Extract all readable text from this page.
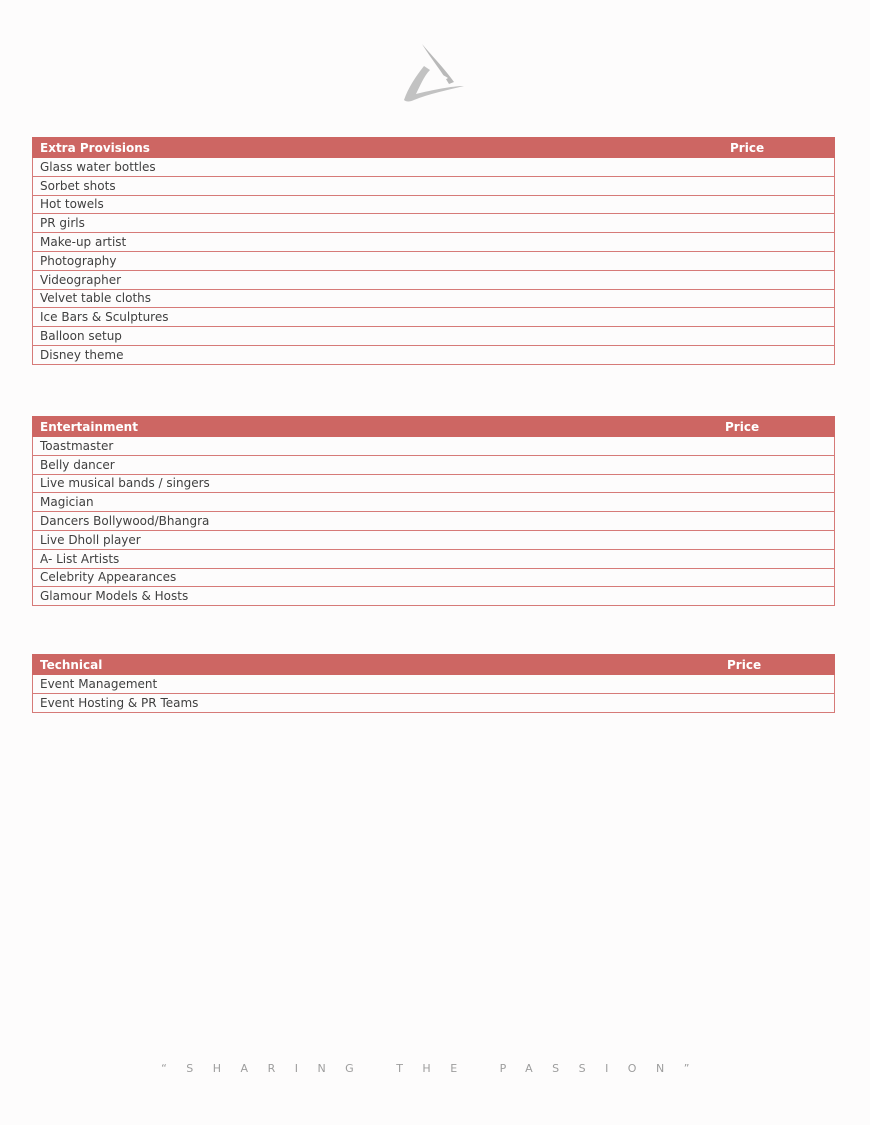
Extra Provisions	Price
Glass water bottles	
Sorbet shots	
Hot towels	
PR girls	
Make-up artist	
Photography	
Videographer	
Velvet table cloths	
Ice Bars & Sculptures	
Balloon setup	
Disney theme	
Entertainment	Price
Toastmaster	
Belly dancer	
Live musical bands / singers	
Magician	
Dancers Bollywood/Bhangra	
Live Dholl player	
A- List Artists	
Celebrity Appearances	
Glamour Models & Hosts	
Technical	Price
Event Management	
Event Hosting & PR Teams	
“SHARING THE PASSION”
